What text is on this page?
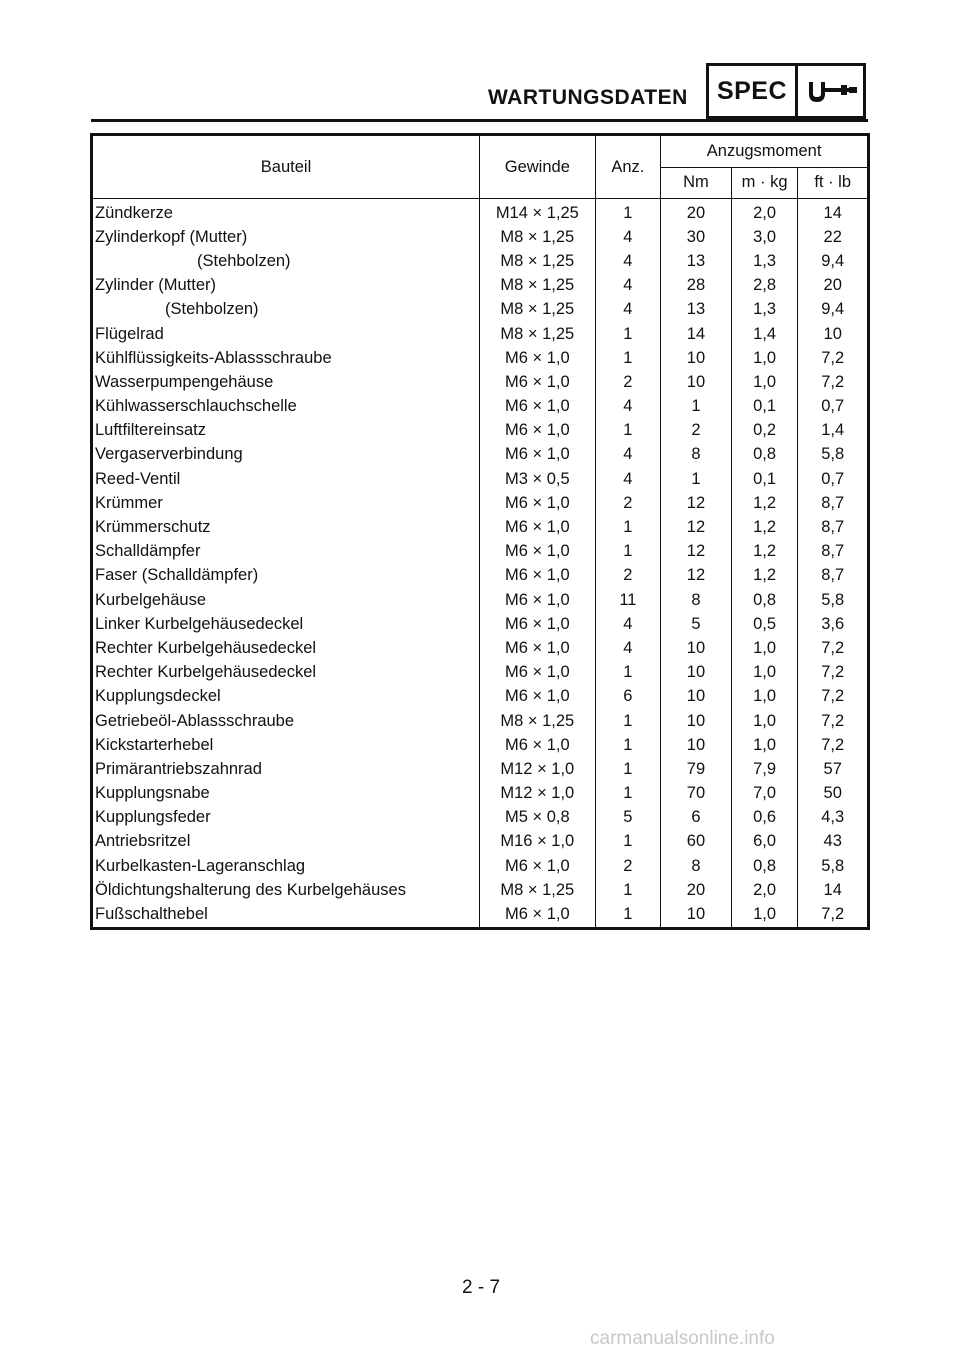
WARTUNGSDATEN	SPEC
Bauteil	Gewinde	Anz.	Anzugsmoment		
			Nm	m · kg	ft · lb
Zündkerze	M14 × 1,25	1	20	2,0	14
Zylinderkopf (Mutter)	M8 × 1,25	4	30	3,0	22
(Stehbolzen)	M8 × 1,25	4	13	1,3	9,4
Zylinder (Mutter)	M8 × 1,25	4	28	2,8	20
(Stehbolzen)	M8 × 1,25	4	13	1,3	9,4
Flügelrad	M8 × 1,25	1	14	1,4	10
Kühlflüssigkeits-Ablassschraube	M6 × 1,0	1	10	1,0	7,2
Wasserpumpengehäuse	M6 × 1,0	2	10	1,0	7,2
Kühlwasserschlauchschelle	M6 × 1,0	4	1	0,1	0,7
Luftfiltereinsatz	M6 × 1,0	1	2	0,2	1,4
Vergaserverbindung	M6 × 1,0	4	8	0,8	5,8
Reed-Ventil	M3 × 0,5	4	1	0,1	0,7
Krümmer	M6 × 1,0	2	12	1,2	8,7
Krümmerschutz	M6 × 1,0	1	12	1,2	8,7
Schalldämpfer	M6 × 1,0	1	12	1,2	8,7
Faser (Schalldämpfer)	M6 × 1,0	2	12	1,2	8,7
Kurbelgehäuse	M6 × 1,0	11	8	0,8	5,8
Linker Kurbelgehäusedeckel	M6 × 1,0	4	5	0,5	3,6
Rechter Kurbelgehäusedeckel	M6 × 1,0	4	10	1,0	7,2
Rechter Kurbelgehäusedeckel	M6 × 1,0	1	10	1,0	7,2
Kupplungsdeckel	M6 × 1,0	6	10	1,0	7,2
Getriebeöl-Ablassschraube	M8 × 1,25	1	10	1,0	7,2
Kickstarterhebel	M6 × 1,0	1	10	1,0	7,2
Primärantriebszahnrad	M12 × 1,0	1	79	7,9	57
Kupplungsnabe	M12 × 1,0	1	70	7,0	50
Kupplungsfeder	M5 × 0,8	5	6	0,6	4,3
Antriebsritzel	M16 × 1,0	1	60	6,0	43
Kurbelkasten-Lageranschlag	M6 × 1,0	2	8	0,8	5,8
Öldichtungshalterung des Kurbelgehäuses	M8 × 1,25	1	20	2,0	14
Fußschalthebel	M6 × 1,0	1	10	1,0	7,2
2 - 7
carmanualsonline.info
